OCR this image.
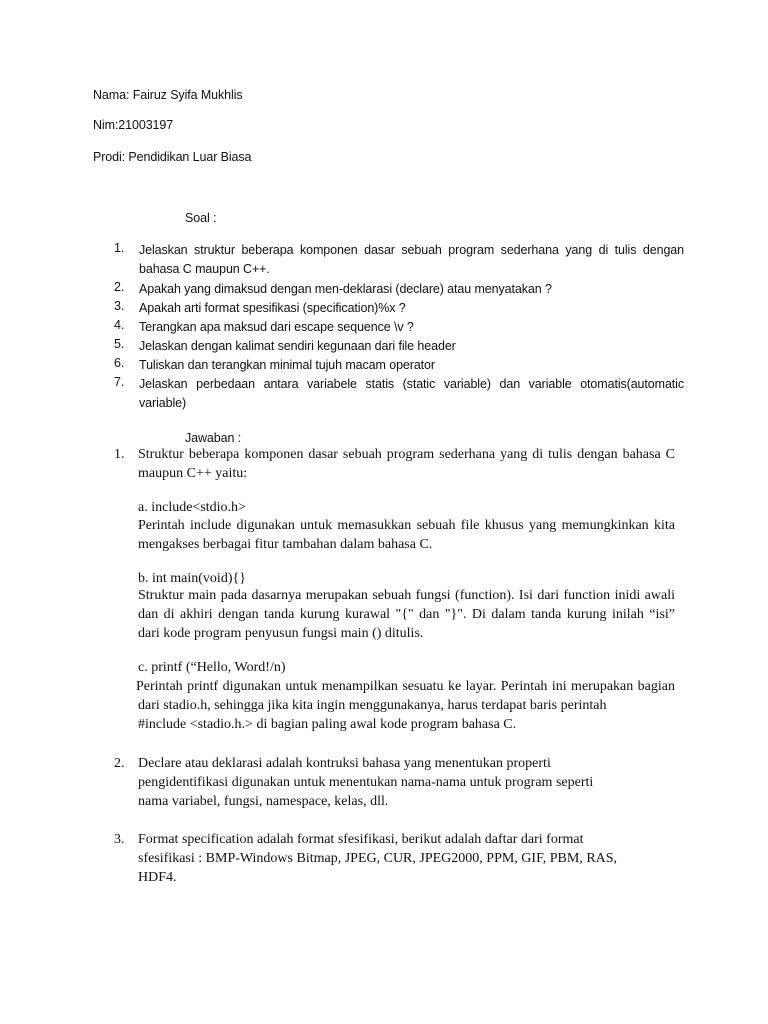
Nama: Fairuz Syifa Mukhlis
Nim:21003197
Prodi: Pendidikan Luar Biasa
Soal :
1. Jelaskan struktur beberapa komponen dasar sebuah program sederhana yang di tulis dengan
bahasa C maupun C++.
2. Apakah yang dimaksud dengan men-deklarasi (declare) atau menyatakan ?
3. Apakah arti format spesifikasi (specification)%x ?
4. Terangkan apa maksud dari escape sequence \v ?
5. Jelaskan dengan kalimat sendiri kegunaan dari file header
6. Tuliskan dan terangkan minimal tujuh macam operator
7. Jelaskan perbedaan antara variabele statis (static variable) dan variable otomatis(automatic
variable)
Jawaban :
1. Struktur beberapa komponen dasar sebuah program sederhana yang di tulis dengan bahasa C
maupun C++ yaitu:
a. include<stdio.h>
Perintah include digunakan untuk memasukkan sebuah file khusus yang memungkinkan kita
mengakses berbagai fitur tambahan dalam bahasa C.
b. int main(void){}
Struktur main pada dasarnya merupakan sebuah fungsi (function). Isi dari function inidi awali
dan di akhiri dengan tanda kurung kurawal "{" dan "}". Di dalam tanda kurung inilah “isi”
dari kode program penyusun fungsi main () ditulis.
c. printf (“Hello, Word!/n)
Perintah printf digunakan untuk menampilkan sesuatu ke layar. Perintah ini merupakan bagian
dari stadio.h, sehingga jika kita ingin menggunakanya, harus terdapat baris perintah
#include <stadio.h.> di bagian paling awal kode program bahasa C.
2. Declare atau deklarasi adalah kontruksi bahasa yang menentukan properti
pengidentifikasi digunakan untuk menentukan nama-nama untuk program seperti
nama variabel, fungsi, namespace, kelas, dll.
3. Format specification adalah format sfesifikasi, berikut adalah daftar dari format
sfesifikasi : BMP-Windows Bitmap, JPEG, CUR, JPEG2000, PPM, GIF, PBM, RAS,
HDF4.
